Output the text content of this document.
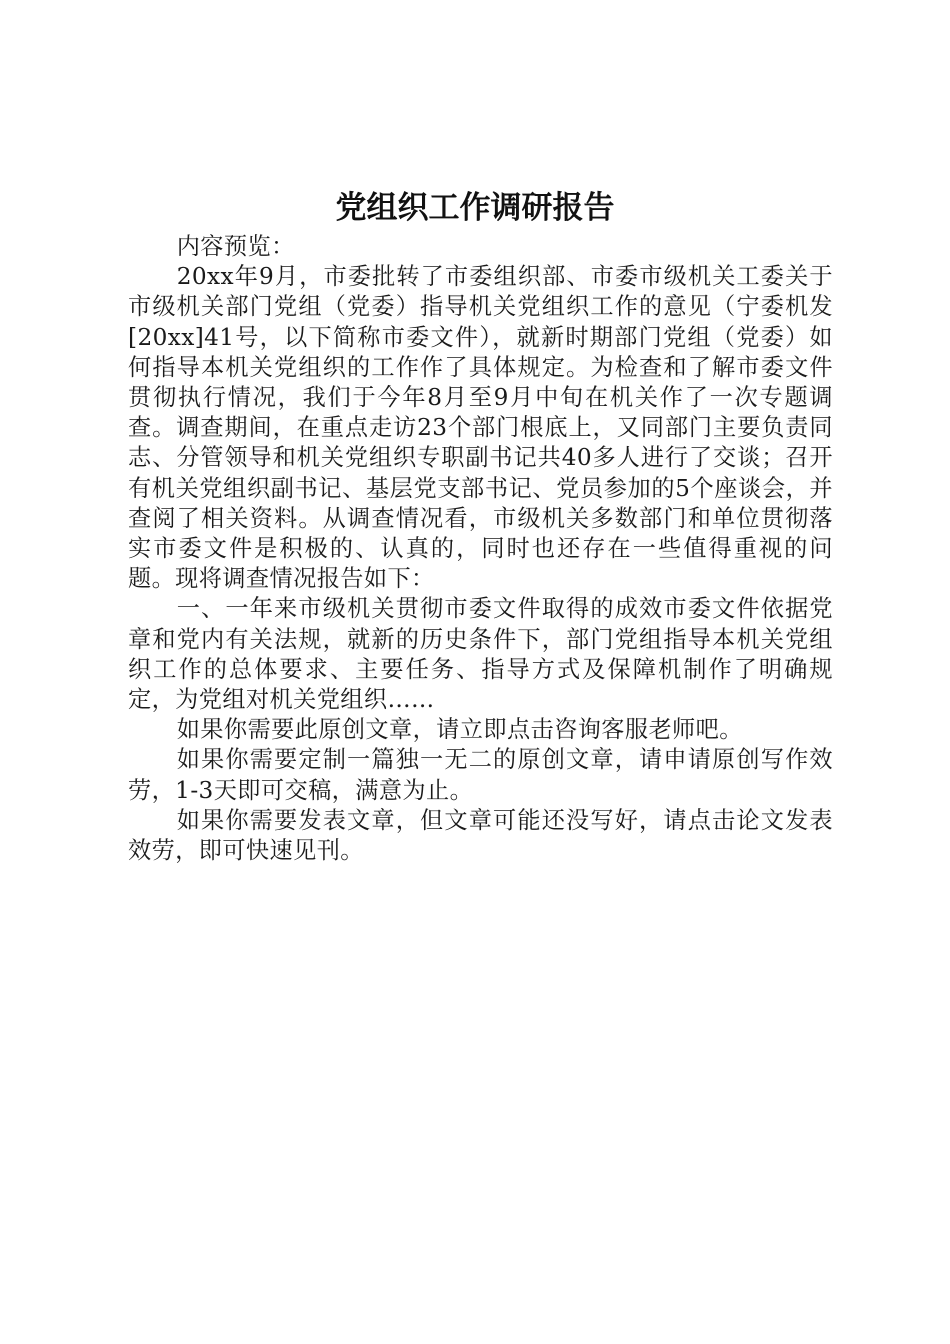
党组织工作调研报告

内容预览：

20xx年9月，市委批转了市委组织部、市委市级机关工委关于市级机关部门党组（党委）指导机关党组织工作的意见（宁委机发[20xx]41号，以下简称市委文件），就新时期部门党组（党委）如何指导本机关党组织的工作作了具体规定。为检查和了解市委文件贯彻执行情况，我们于今年8月至9月中旬在机关作了一次专题调查。调查期间，在重点走访23个部门根底上，又同部门主要负责同志、分管领导和机关党组织专职副书记共40多人进行了交谈；召开有机关党组织副书记、基层党支部书记、党员参加的5个座谈会，并查阅了相关资料。从调查情况看，市级机关多数部门和单位贯彻落实市委文件是积极的、认真的，同时也还存在一些值得重视的问题。现将调查情况报告如下：

一、一年来市级机关贯彻市委文件取得的成效市委文件依据党章和党内有关法规，就新的历史条件下，部门党组指导本机关党组织工作的总体要求、主要任务、指导方式及保障机制作了明确规定，为党组对机关党组织……

如果你需要此原创文章，请立即点击咨询客服老师吧。

如果你需要定制一篇独一无二的原创文章，请申请原创写作效劳，1-3天即可交稿，满意为止。

如果你需要发表文章，但文章可能还没写好，请点击论文发表效劳，即可快速见刊。
